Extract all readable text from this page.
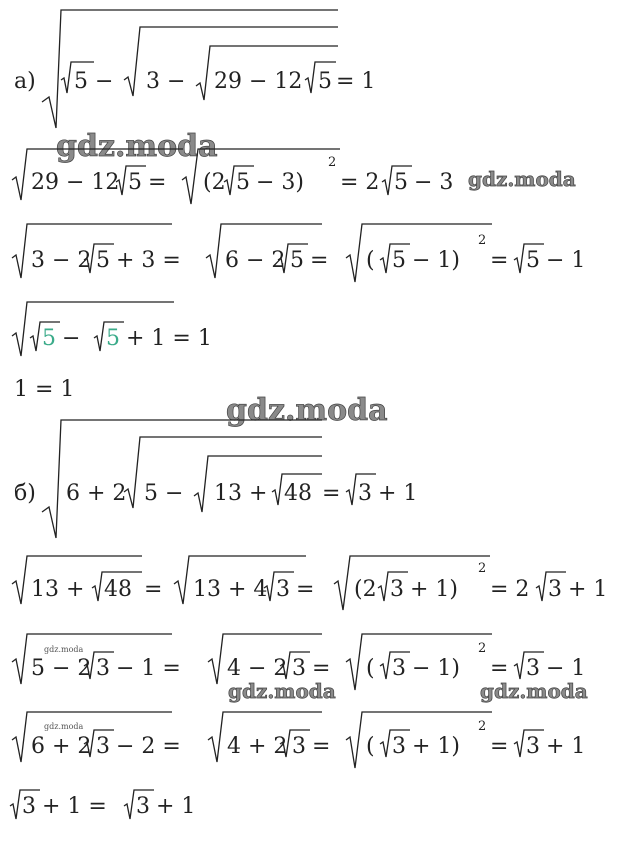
а) 5 − 3 − 29 − 12 5 = 1
gdz.moda
29 − 12 5 = (2 5 − 3)
2
= 2 5 − 3 gdz.moda
3 − 2 5 + 3 = 6 − 2 5 = ( 5 − 1)
2
= 5 − 1
5 − 5 + 1 = 1
1 = 1
gdz.moda
б) 6 + 2 5 − 13 + 48 = 3 + 1
13 + 48 = 13 + 4 3 = (2 3 + 1)
2
= 2 3 + 1
gdz.moda
5 − 2 3 − 1 = 4 − 2 3 = ( 3 − 1)
2
= 3 − 1
gdz.moda	gdz.moda
gdz.moda
6 + 2 3 − 2 = 4 + 2 3 = ( 3 + 1)
2
= 3 + 1
3 + 1 = 3 + 1
